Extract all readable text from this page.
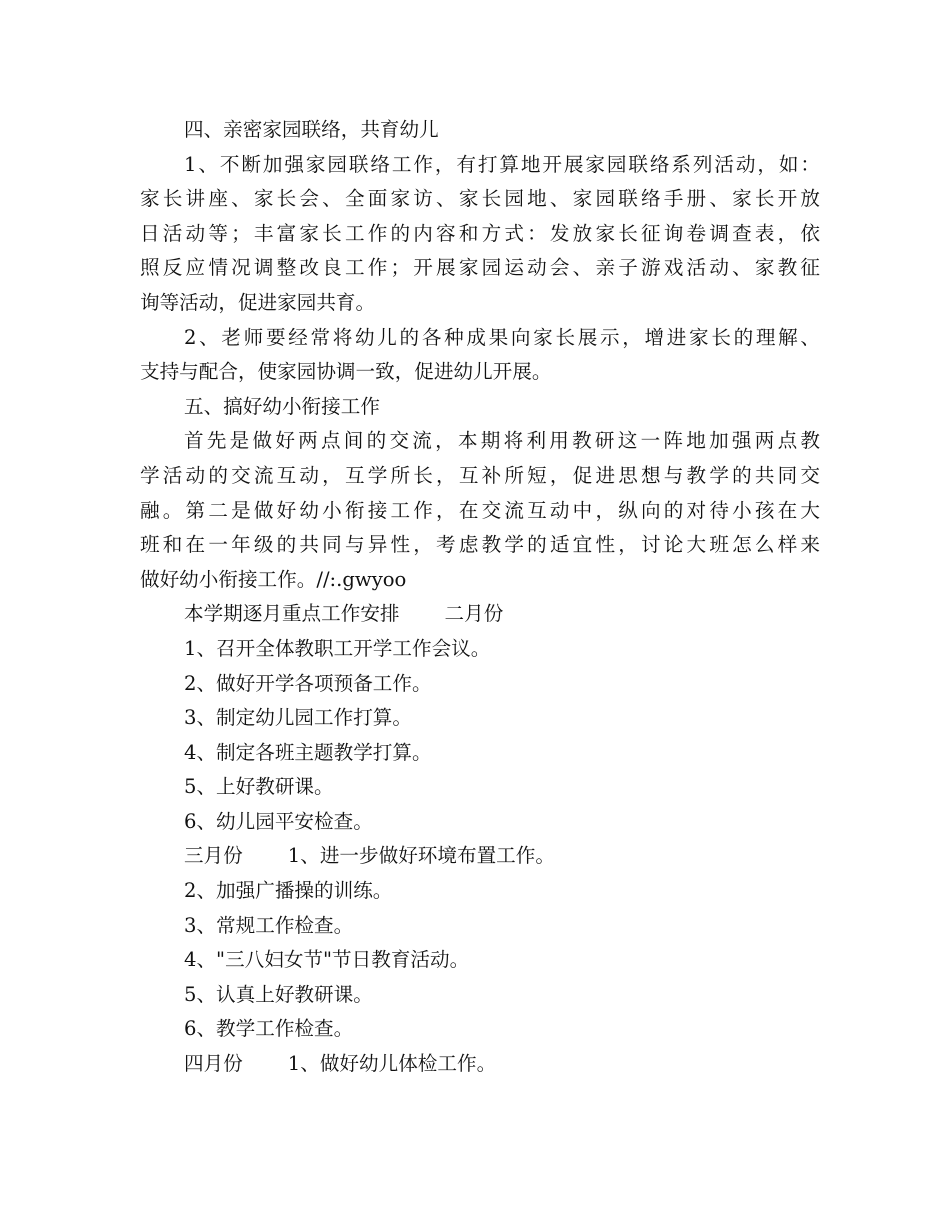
四、亲密家园联络，共育幼儿

1、不断加强家园联络工作，有打算地开展家园联络系列活动，如：

家长讲座、家长会、全面家访、家长园地、家园联络手册、家长开放

日活动等；丰富家长工作的内容和方式：发放家长征询卷调查表，依

照反应情况调整改良工作；开展家园运动会、亲子游戏活动、家教征

询等活动，促进家园共育。

2、老师要经常将幼儿的各种成果向家长展示，增进家长的理解、

支持与配合，使家园协调一致，促进幼儿开展。

五、搞好幼小衔接工作

首先是做好两点间的交流，本期将利用教研这一阵地加强两点教

学活动的交流互动，互学所长，互补所短，促进思想与教学的共同交

融。第二是做好幼小衔接工作，在交流互动中，纵向的对待小孩在大

班和在一年级的共同与异性，考虑教学的适宜性，讨论大班怎么样来

做好幼小衔接工作。//:.gwyoo

本学期逐月重点工作安排 二月份

1、召开全体教职工开学工作会议。

2、做好开学各项预备工作。

3、制定幼儿园工作打算。

4、制定各班主题教学打算。

5、上好教研课。

6、幼儿园平安检查。

三月份 1、进一步做好环境布置工作。

2、加强广播操的训练。

3、常规工作检查。

4、"三八妇女节"节日教育活动。

5、认真上好教研课。

6、教学工作检查。

四月份 1、做好幼儿体检工作。
